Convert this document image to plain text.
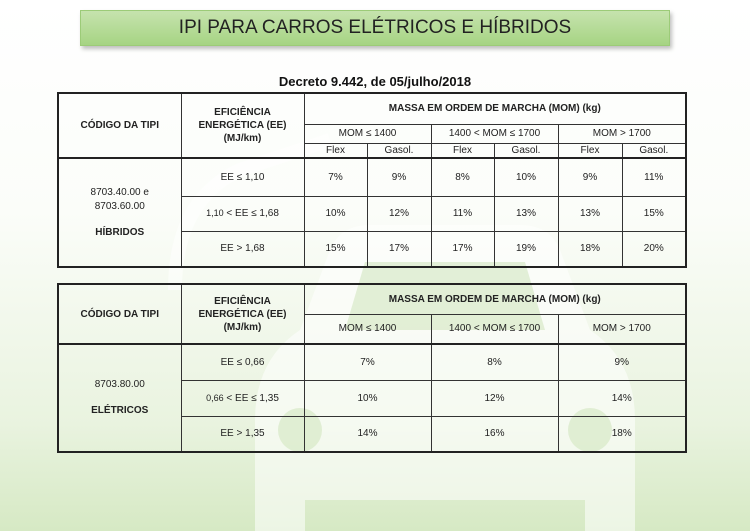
IPI PARA CARROS ELÉTRICOS E HÍBRIDOS
Decreto 9.442, de 05/julho/2018
CÓDIGO DA TIPI	EFICIÊNCIA
ENERGÉTICA (EE)
(MJ/km)	MASSA EM ORDEM DE MARCHA (MOM) (kg)					
		MOM ≤ 1400		1400 < MOM ≤ 1700		MOM > 1700	
		Flex	Gasol.	Flex	Gasol.	Flex	Gasol.

8703.40.00 e
8703.60.00
HÍBRIDOS	EE ≤ 1,10	7%	9%	8%	10%	9%	11%
	1,10 < EE ≤ 1,68	10%	12%	11%	13%	13%	15%
	EE > 1,68	15%	17%	17%	19%	18%	20%
CÓDIGO DA TIPI	EFICIÊNCIA
ENERGÉTICA (EE)
(MJ/km)	MASSA EM ORDEM DE MARCHA (MOM) (kg)		
		MOM ≤ 1400	1400 < MOM ≤ 1700	MOM > 1700

8703.80.00
ELÉTRICOS	EE ≤ 0,66	7%	8%	9%
	0,66 < EE ≤ 1,35	10%	12%	14%
	EE > 1,35	14%	16%	18%
